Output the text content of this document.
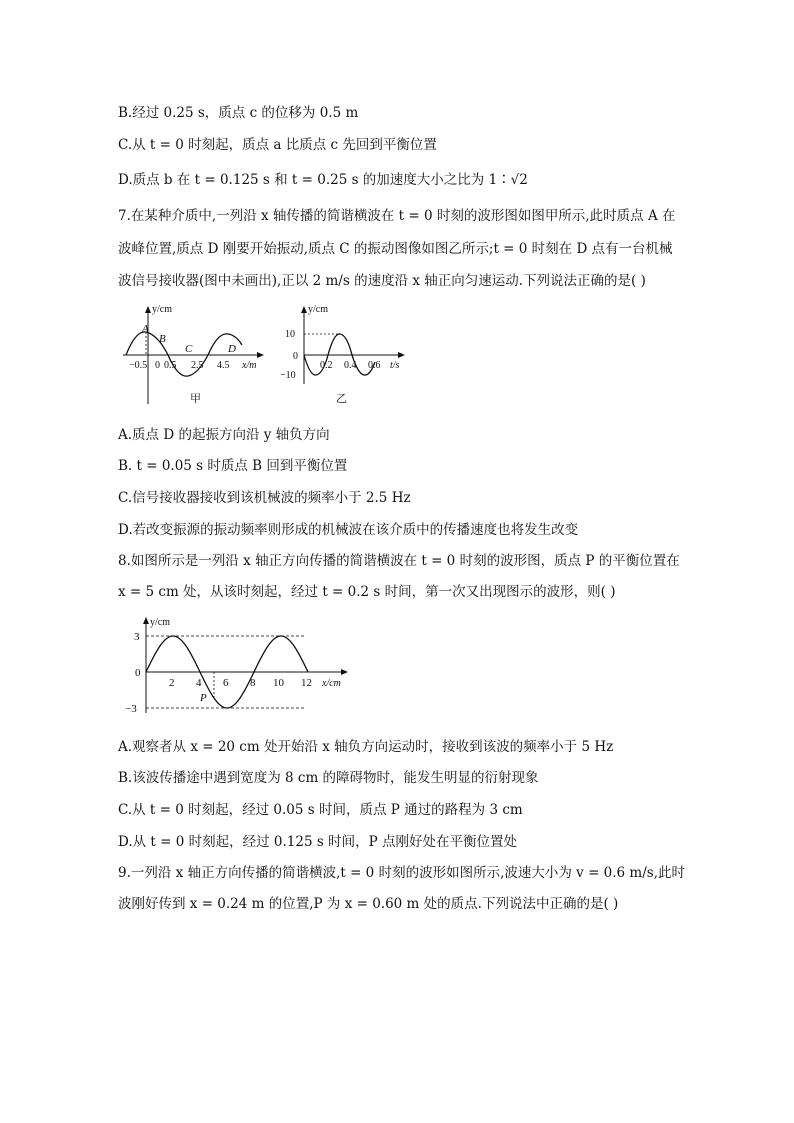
B.经过 0.25 s，质点 c 的位移为 0.5 m
C.从 t = 0 时刻起，质点 a 比质点 c 先回到平衡位置
D.质点 b 在 t = 0.125 s 和 t = 0.25 s 的加速度大小之比为 1∶√2
7.在某种介质中,一列沿 x 轴传播的简谐横波在 t = 0 时刻的波形图如图甲所示,此时质点 A 在
波峰位置,质点 D 刚要开始振动,质点 C 的振动图像如图乙所示;t = 0 时刻在 D 点有一台机械
波信号接收器(图中未画出),正以 2 m/s 的速度沿 x 轴正向匀速运动.下列说法正确的是( )
y/cm
x/m
A
B
C	D
−0.5 0 0.5 2.5 4.5
甲
y/cm
10
0
−10
0.2 0.4 0.6 t/s
乙
A.质点 D 的起振方向沿 y 轴负方向
B. t = 0.05 s 时质点 B 回到平衡位置
C.信号接收器接收到该机械波的频率小于 2.5 Hz
D.若改变振源的振动频率则形成的机械波在该介质中的传播速度也将发生改变
8.如图所示是一列沿 x 轴正方向传播的简谐横波在 t = 0 时刻的波形图，质点 P 的平衡位置在
x = 5 cm 处，从该时刻起，经过 t = 0.2 s 时间，第一次又出现图示的波形，则( )
y/cm
3
0
−3
2 4 6 8 10 12 x/cm
P
A.观察者从 x = 20 cm 处开始沿 x 轴负方向运动时，接收到该波的频率小于 5 Hz
B.该波传播途中遇到宽度为 8 cm 的障碍物时，能发生明显的衍射现象
C.从 t = 0 时刻起，经过 0.05 s 时间，质点 P 通过的路程为 3 cm
D.从 t = 0 时刻起，经过 0.125 s 时间，P 点刚好处在平衡位置处
9.一列沿 x 轴正方向传播的简谐横波,t = 0 时刻的波形如图所示,波速大小为 v = 0.6 m/s,此时
波刚好传到 x = 0.24 m 的位置,P 为 x = 0.60 m 处的质点.下列说法中正确的是( )
